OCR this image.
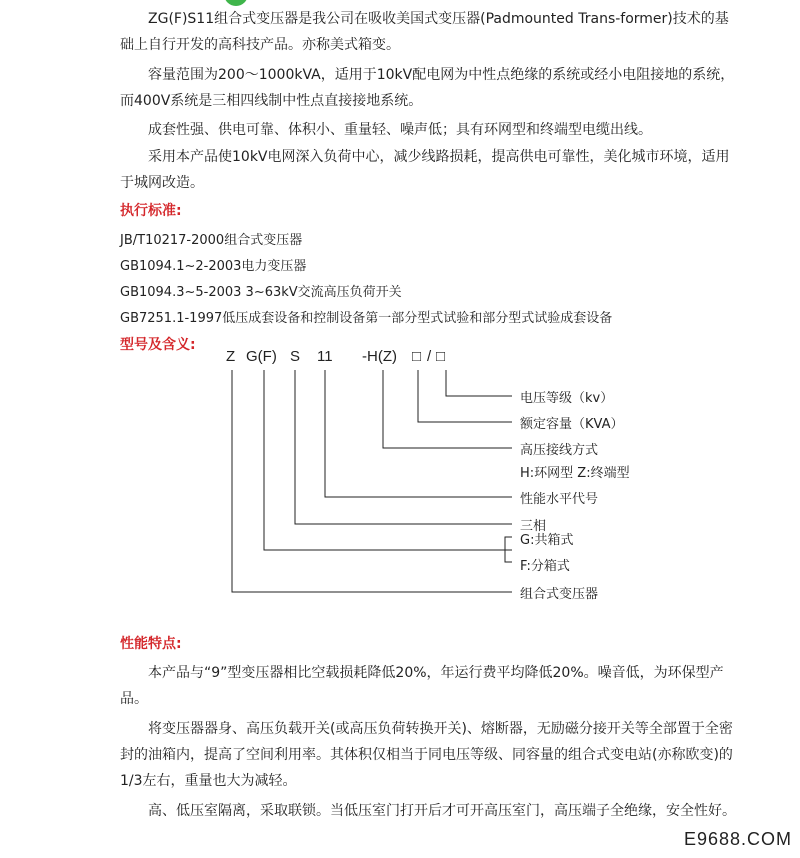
ZG(F)S11组合式变压器是我公司在吸收美国式变压器(Padmounted Trans-former)技术的基础上自行开发的高科技产品。亦称美式箱变。
容量范围为200～1000kVA，适用于10kV配电网为中性点绝缘的系统或经小电阻接地的系统，而400V系统是三相四线制中性点直接接地系统。
成套性强、供电可靠、体积小、重量轻、噪声低；具有环网型和终端型电缆出线。
采用本产品使10kV电网深入负荷中心，减少线路损耗，提高供电可靠性，美化城市环境，适用于城网改造。
执行标准:
JB/T10217-2000组合式变压器
GB1094.1~2-2003电力变压器
GB1094.3~5-2003 3~63kV交流高压负荷开关
GB7251.1-1997低压成套设备和控制设备第一部分型式试验和部分型式试验成套设备
型号及含义:
Z G(F) S 11 -H(Z) □ / □
电压等级（kv）
额定容量（KVA）
高压接线方式
H:环网型 Z:终端型
性能水平代号
三相
G:共箱式
F:分箱式
组合式变压器
性能特点:
本产品与“9”型变压器相比空载损耗降低20%，年运行费平均降低20%。噪音低，为环保型产品。
将变压器器身、高压负载开关(或高压负荷转换开关)、熔断器，无励磁分接开关等全部置于全密封的油箱内，提高了空间利用率。其体积仅相当于同电压等级、同容量的组合式变电站(亦称欧变)的1/3左右，重量也大为减轻。
高、低压室隔离，采取联锁。当低压室门打开后才可开高压室门，高压端子全绝缘，安全性好。
E9688.COM
